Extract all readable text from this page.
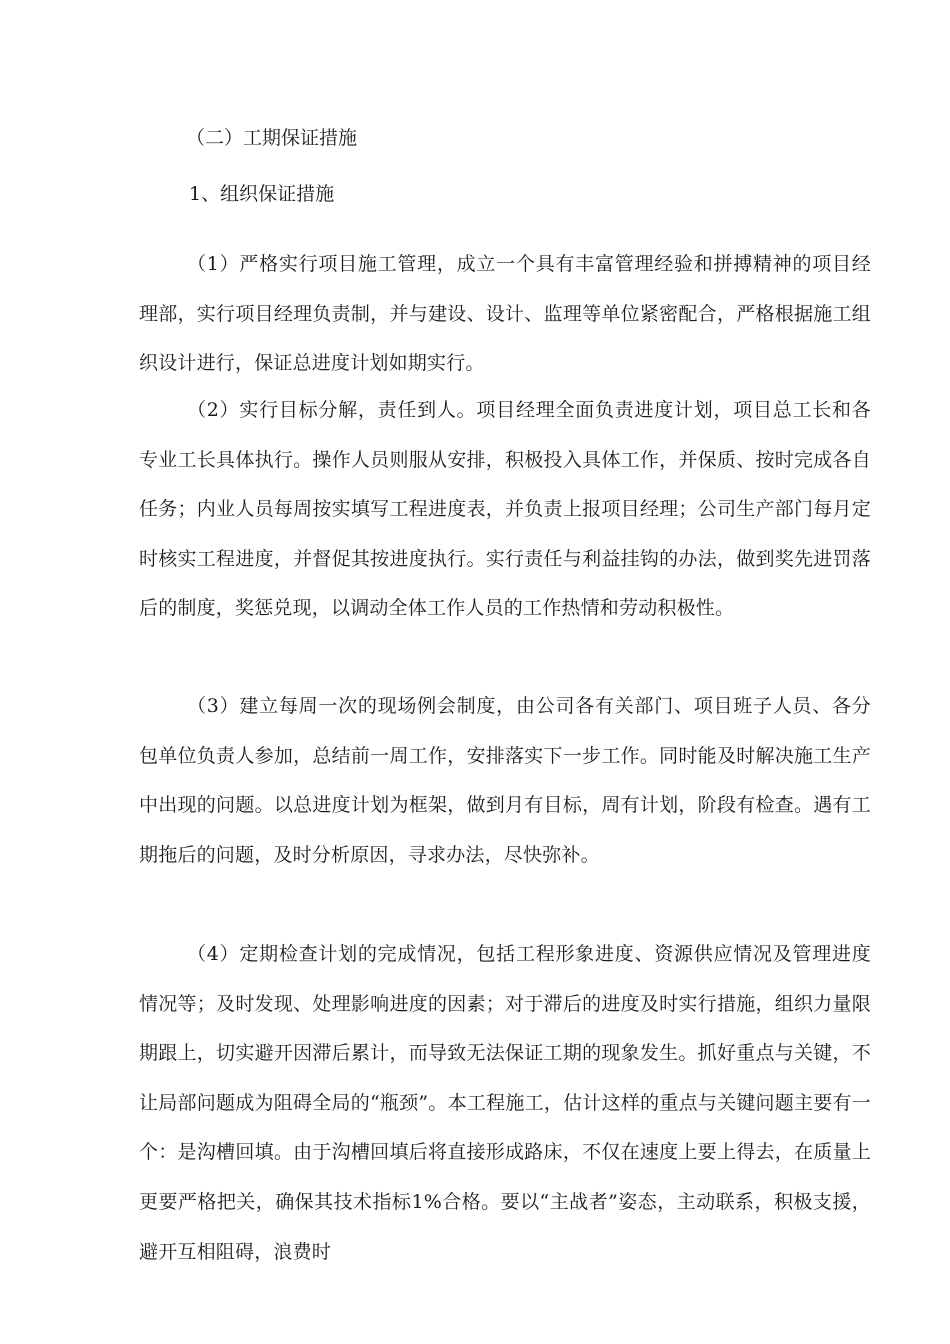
（二）工期保证措施
1、组织保证措施
（1）严格实行项目施工管理，成立一个具有丰富管理经验和拼搏精神的项目经理部，实行项目经理负责制，并与建设、设计、监理等单位紧密配合，严格根据施工组织设计进行，保证总进度计划如期实行。
（2）实行目标分解，责任到人。项目经理全面负责进度计划，项目总工长和各专业工长具体执行。操作人员则服从安排，积极投入具体工作，并保质、按时完成各自任务；内业人员每周按实填写工程进度表，并负责上报项目经理；公司生产部门每月定时核实工程进度，并督促其按进度执行。实行责任与利益挂钩的办法，做到奖先进罚落后的制度，奖惩兑现，以调动全体工作人员的工作热情和劳动积极性。
（3）建立每周一次的现场例会制度，由公司各有关部门、项目班子人员、各分包单位负责人参加，总结前一周工作，安排落实下一步工作。同时能及时解决施工生产中出现的问题。以总进度计划为框架，做到月有目标，周有计划，阶段有检查。遇有工期拖后的问题，及时分析原因，寻求办法，尽快弥补。
（4）定期检查计划的完成情况，包括工程形象进度、资源供应情况及管理进度情况等；及时发现、处理影响进度的因素；对于滞后的进度及时实行措施，组织力量限期跟上，切实避开因滞后累计，而导致无法保证工期的现象发生。抓好重点与关键，不让局部问题成为阻碍全局的“瓶颈”。本工程施工，估计这样的重点与关键问题主要有一个：是沟槽回填。由于沟槽回填后将直接形成路床，不仅在速度上要上得去，在质量上更要严格把关，确保其技术指标1%合格。要以“主战者”姿态，主动联系，积极支援，避开互相阻碍，浪费时
